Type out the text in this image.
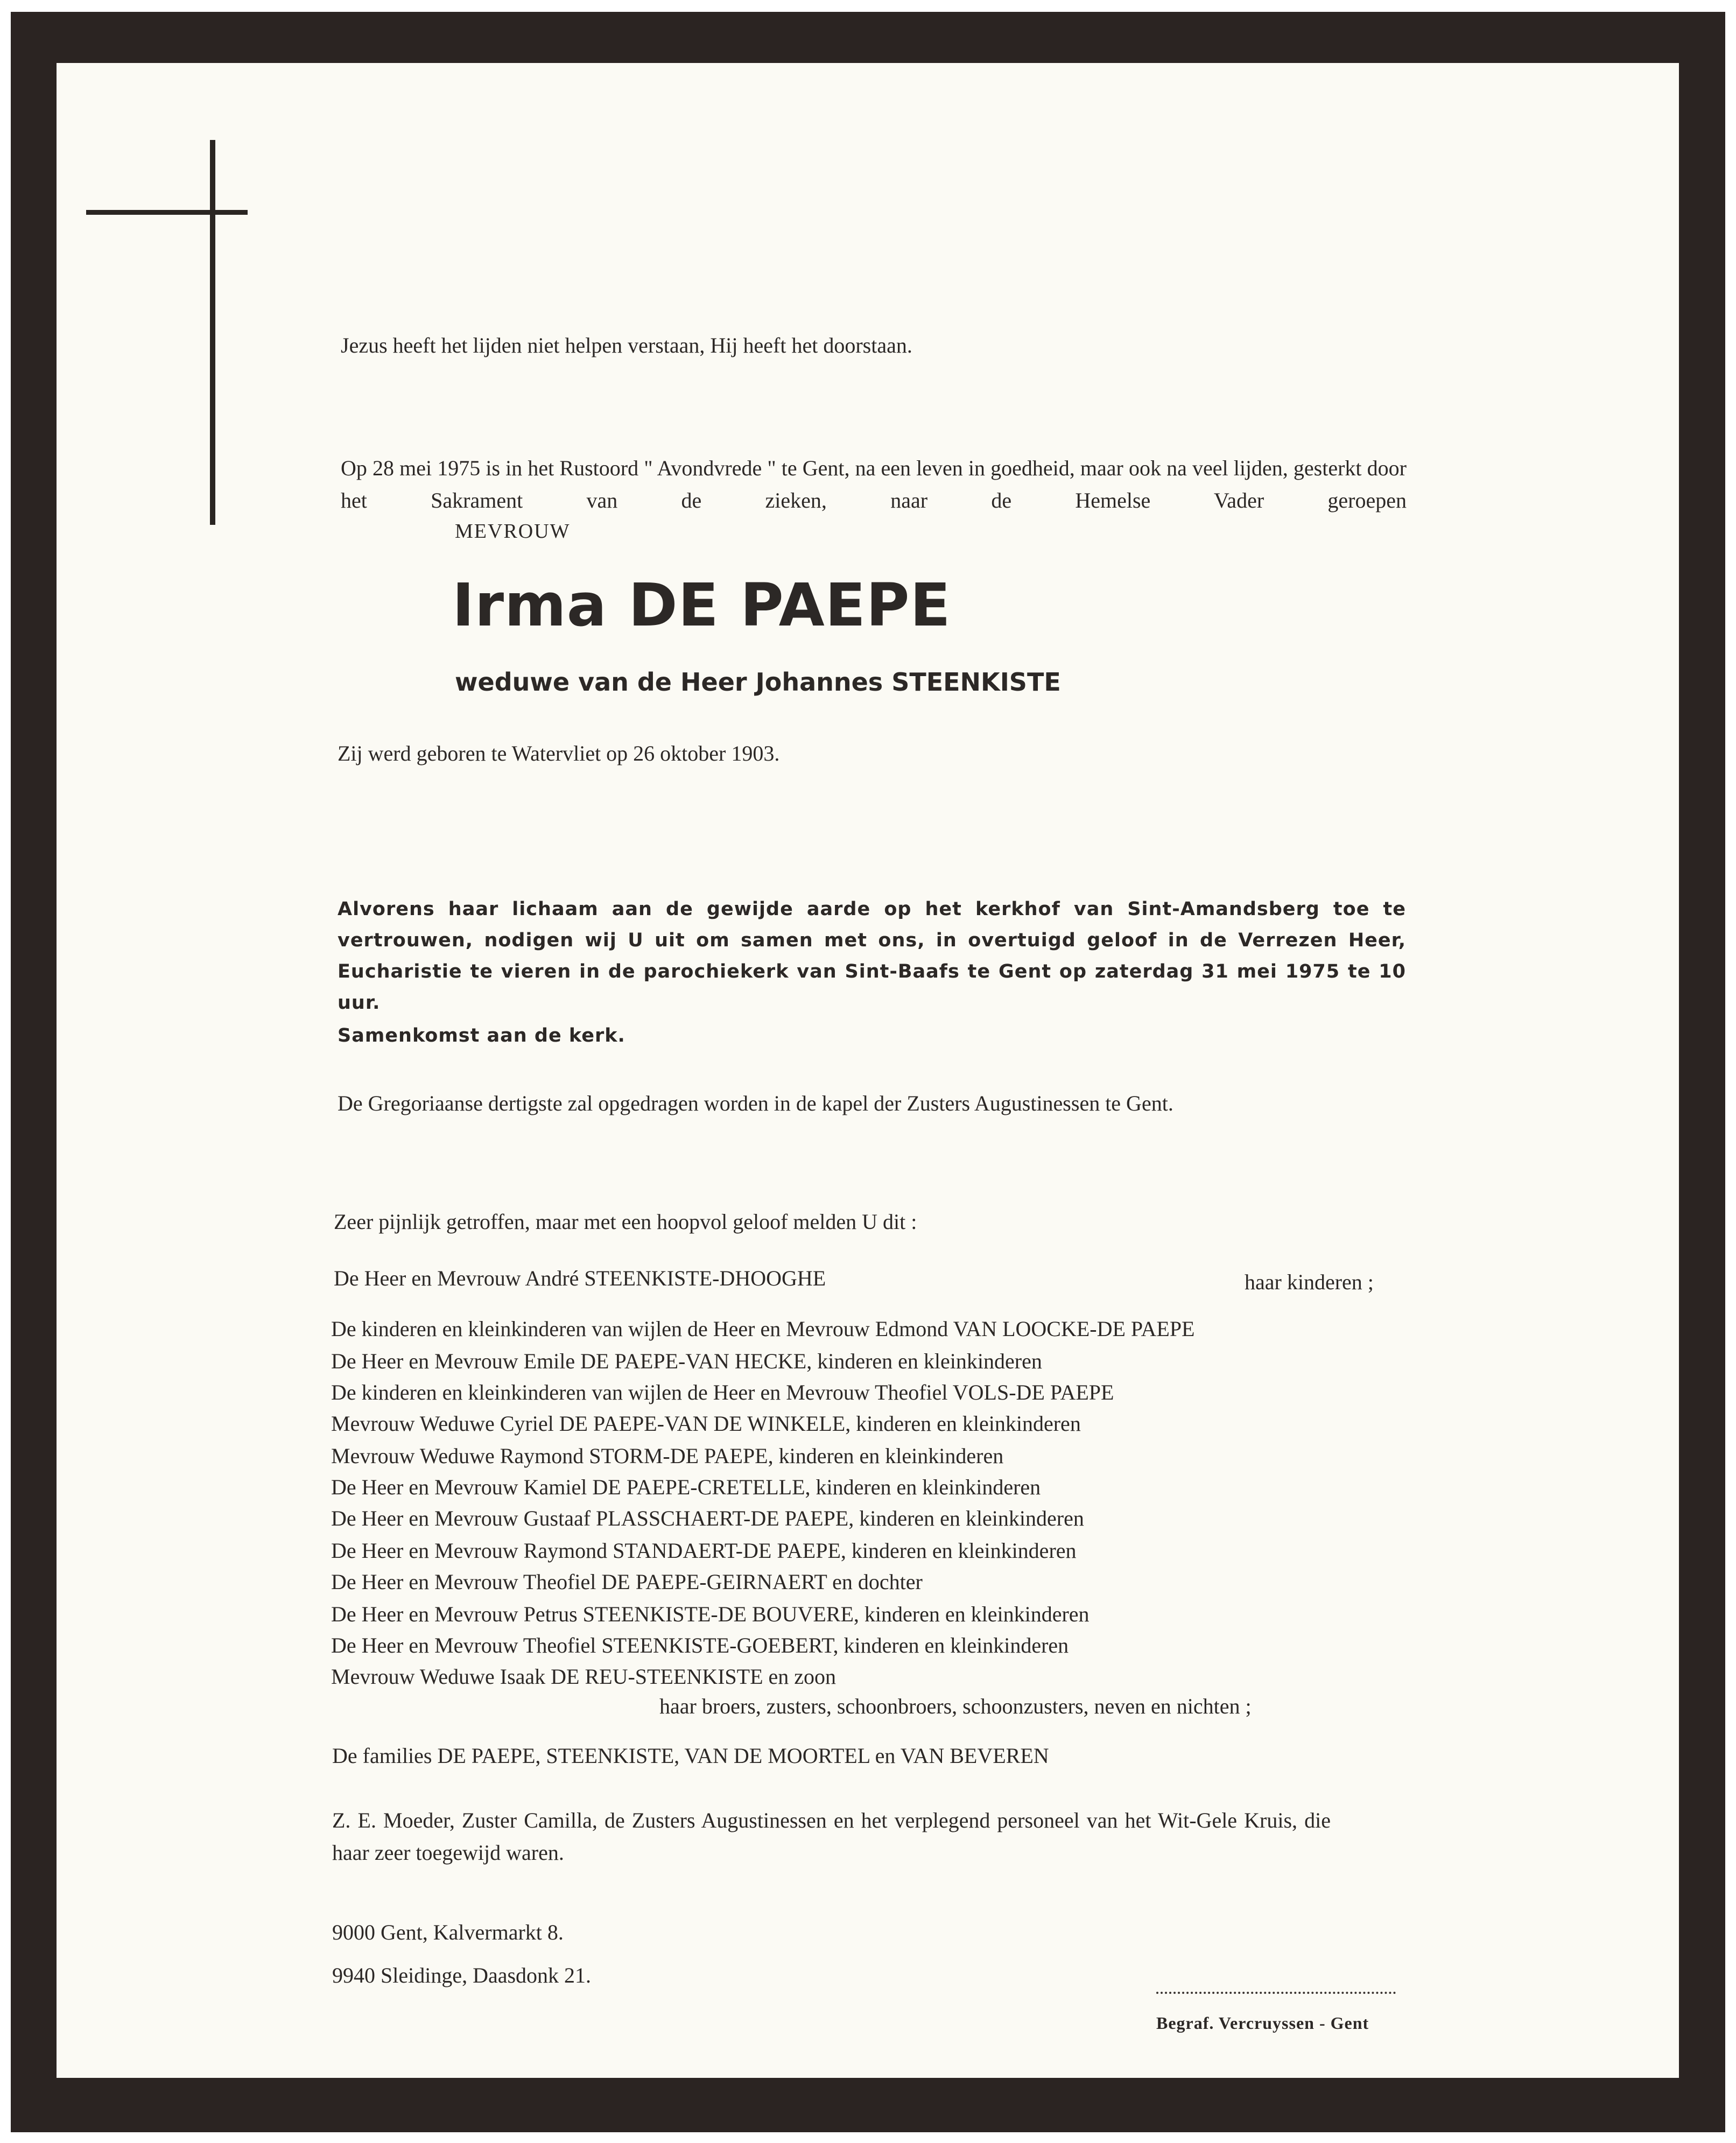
Jezus heeft het lijden niet helpen verstaan, Hij heeft het doorstaan.

Op 28 mei 1975 is in het Rustoord " Avondvrede " te Gent, na een leven in goedheid, maar ook na veel lijden, gesterkt door het Sakrament van de zieken, naar de Hemelse Vader geroepen

MEVROUW

Irma DE PAEPE

weduwe van de Heer Johannes STEENKISTE

Zij werd geboren te Watervliet op 26 oktober 1903.

Alvorens haar lichaam aan de gewijde aarde op het kerkhof van Sint-Amandsberg toe te vertrouwen, nodigen wij U uit om samen met ons, in overtuigd geloof in de Verrezen Heer, Eucharistie te vieren in de parochiekerk van Sint-Baafs te Gent op zaterdag 31 mei 1975 te 10 uur.

Samenkomst aan de kerk.

De Gregoriaanse dertigste zal opgedragen worden in de kapel der Zusters Augustinessen te Gent.

Zeer pijnlijk getroffen, maar met een hoopvol geloof melden U dit :

De Heer en Mevrouw André STEENKISTE-DHOOGHE	haar kinderen ;

De kinderen en kleinkinderen van wijlen de Heer en Mevrouw Edmond VAN LOOCKE-DE PAEPE

De Heer en Mevrouw Emile DE PAEPE-VAN HECKE, kinderen en kleinkinderen

De kinderen en kleinkinderen van wijlen de Heer en Mevrouw Theofiel VOLS-DE PAEPE

Mevrouw Weduwe Cyriel DE PAEPE-VAN DE WINKELE, kinderen en kleinkinderen

Mevrouw Weduwe Raymond STORM-DE PAEPE, kinderen en kleinkinderen

De Heer en Mevrouw Kamiel DE PAEPE-CRETELLE, kinderen en kleinkinderen

De Heer en Mevrouw Gustaaf PLASSCHAERT-DE PAEPE, kinderen en kleinkinderen

De Heer en Mevrouw Raymond STANDAERT-DE PAEPE, kinderen en kleinkinderen

De Heer en Mevrouw Theofiel DE PAEPE-GEIRNAERT en dochter

De Heer en Mevrouw Petrus STEENKISTE-DE BOUVERE, kinderen en kleinkinderen

De Heer en Mevrouw Theofiel STEENKISTE-GOEBERT, kinderen en kleinkinderen

Mevrouw Weduwe Isaak DE REU-STEENKISTE en zoon

haar broers, zusters, schoonbroers, schoonzusters, neven en nichten ;

De families DE PAEPE, STEENKISTE, VAN DE MOORTEL en VAN BEVEREN

Z. E. Moeder, Zuster Camilla, de Zusters Augustinessen en het verplegend personeel van het Wit-Gele Kruis, die haar zeer toegewijd waren.

9000 Gent, Kalvermarkt 8.

9940 Sleidinge, Daasdonk 21.

Begraf. Vercruyssen - Gent
